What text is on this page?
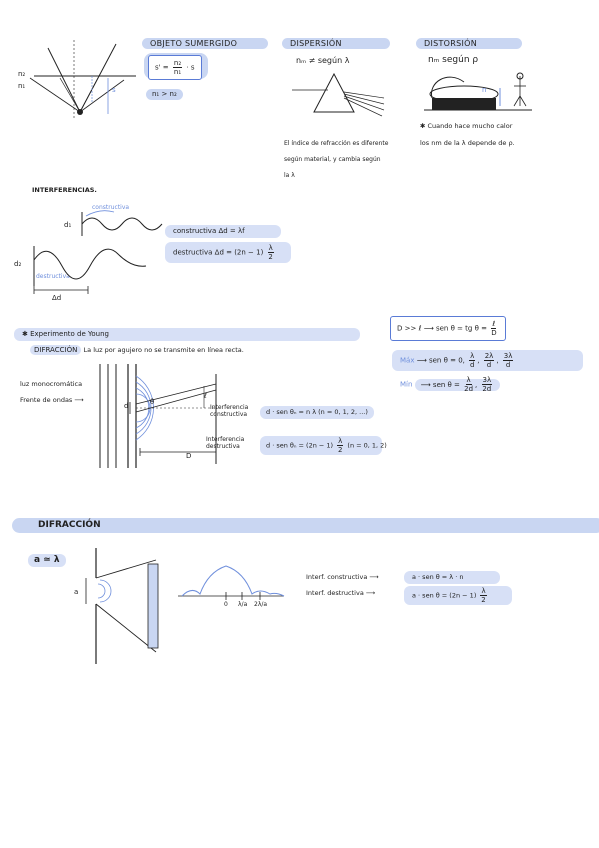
n₂
n₁	s
OBJETO SUMERGIDO
$s' = \frac{\text{n₂}}{\text{n₁}} \cdot s$
n₁ > n₂
DISPERSIÓN
nₘ ≠ según λ
El índice de refracción es diferente
según material, y cambia según
la λ
DISTORSIÓN
nₘ según ρ
n
✱ Cuando hace mucho calor
los nm de la λ depende de ρ.
INTERFERENCIAS.
d₁
d₂
constructiva
destructiva
Δd
constructiva Δd = λf
destructiva $\Delta d = (2n - 1) \frac{\lambda}{2}$
✱ Experimento de Young
DIFRACCIÓN La luz por agujero no se transmite en línea recta.
luz monocromática
Frente de ondas ⟶
d	θ
ℓ
D
Interferencia
constructiva	d · sen θₙ = n λ (n = 0, 1, 2, ...)
Interferencia
destructiva	d · sen $\theta_n = (2n - 1) \frac{\lambda}{2} (n = 0$, 1, 2)
D >> ℓ ⟶ sen θ ≃ tg $\theta = \frac{\text{ℓ}}{D}$
Máx ⟶ sen θ = 0, $\frac{\lambda}{d}$ , $\frac{2\lambda}{d}$ , $\frac{3\lambda}{d}$
Mín ⟶ sen $\theta = \frac{\lambda}{2d}$ , $\frac{3\lambda}{2d}$
DIFRACCIÓN
a ≃ λ
a
0 λ/a 2λ/a
Interf. constructiva ⟶	a · sen θ = λ · n
Interf. destructiva ⟶	a · sen $\theta = (2n - 1) \frac{\lambda}{2}$
